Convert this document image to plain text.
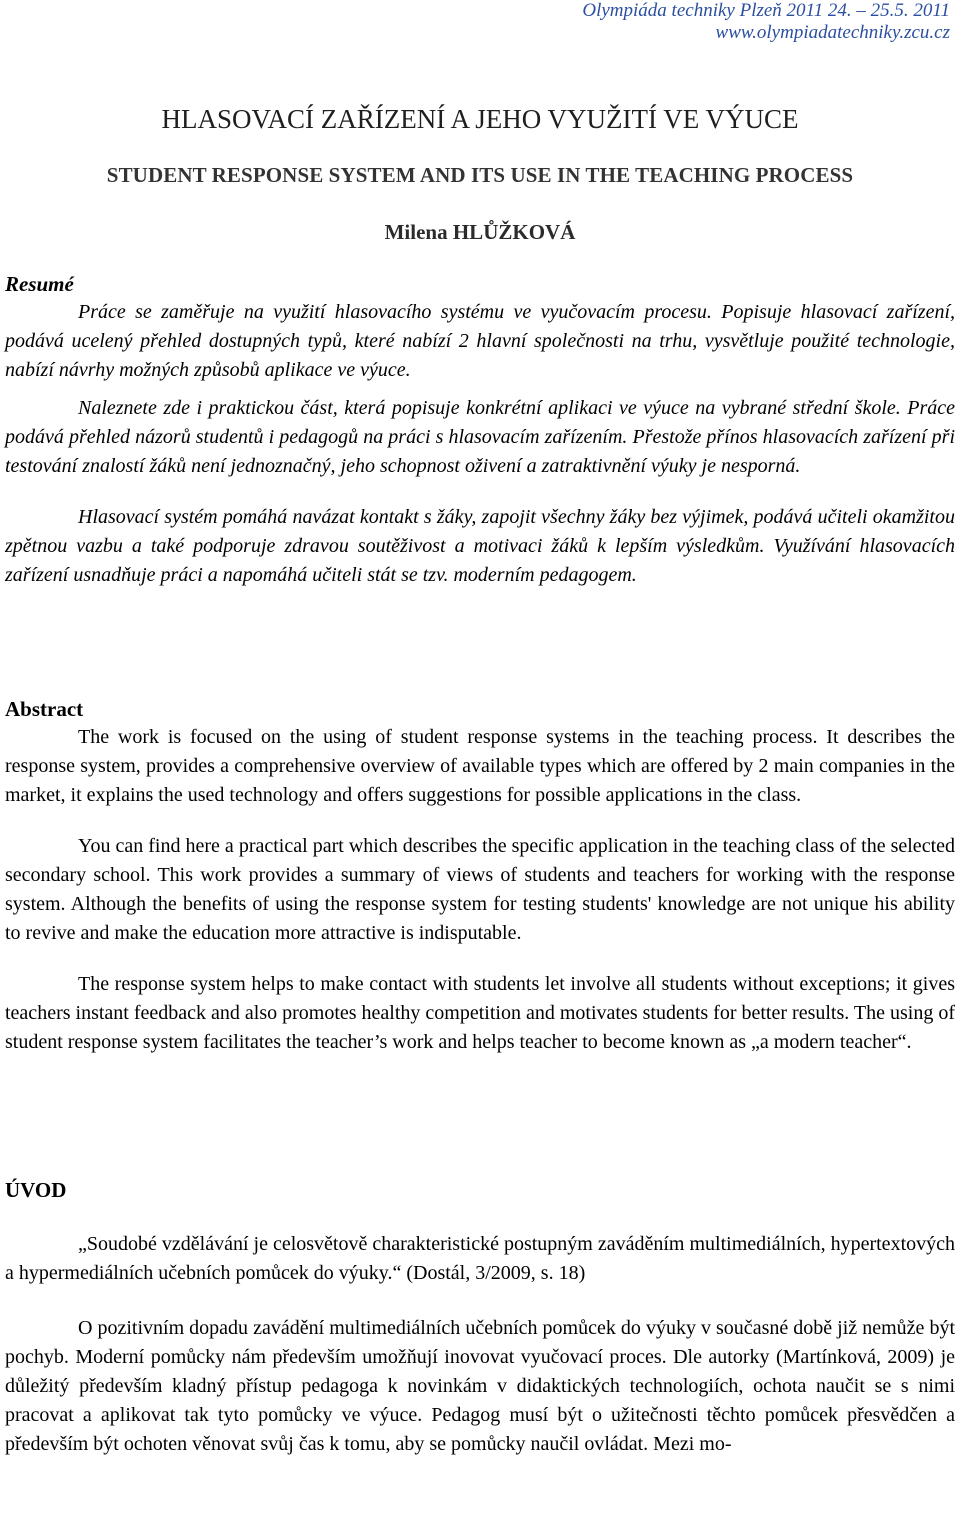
Olympiáda techniky Plzeň 2011 24. – 25.5. 2011
www.olympiadatechniky.zcu.cz
HLASOVACÍ ZAŘÍZENÍ A JEHO VYUŽITÍ VE VÝUCE
STUDENT RESPONSE SYSTEM AND ITS USE IN THE TEACHING PROCESS
Milena HLŮŽKOVÁ
Resumé

Práce se zaměřuje na využití hlasovacího systému ve vyučovacím procesu. Popisuje hlasovací zařízení, podává ucelený přehled dostupných typů, které nabízí 2 hlavní společnosti na trhu, vysvětluje použité technologie, nabízí návrhy možných způsobů aplikace ve výuce.

Naleznete zde i praktickou část, která popisuje konkrétní aplikaci ve výuce na vybrané střední škole. Práce podává přehled názorů studentů i pedagogů na práci s hlasovacím zařízením. Přestože přínos hlasovacích zařízení při testování znalostí žáků není jednoznačný, jeho schopnost oživení a zatraktivnění výuky je nesporná.

Hlasovací systém pomáhá navázat kontakt s žáky, zapojit všechny žáky bez výjimek, podává učiteli okamžitou zpětnou vazbu a také podporuje zdravou soutěživost a motivaci žáků k lepším výsledkům. Využívání hlasovacích zařízení usnadňuje práci a napomáhá učiteli stát se tzv. moderním pedagogem.

Abstract

The work is focused on the using of student response systems in the teaching process. It describes the response system, provides a comprehensive overview of available types which are offered by 2 main companies in the market, it explains the used technology and offers suggestions for possible applications in the class.

You can find here a practical part which describes the specific application in the teaching class of the selected secondary school. This work provides a summary of views of students and teachers for working with the response system. Although the benefits of using the response system for testing students' knowledge are not unique his ability to revive and make the education more attractive is indisputable.

The response system helps to make contact with students let involve all students without exceptions; it gives teachers instant feedback and also promotes healthy competition and motivates students for better results. The using of student response system facilitates the teacher’s work and helps teacher to become known as „a modern teacher“.

ÚVOD

„Soudobé vzdělávání je celosvětově charakteristické postupným zaváděním multimediálních, hypertextových a hypermediálních učebních pomůcek do výuky.“ (Dostál, 3/2009, s. 18)

O pozitivním dopadu zavádění multimediálních učebních pomůcek do výuky v současné době již nemůže být pochyb. Moderní pomůcky nám především umožňují inovovat vyučovací proces. Dle autorky (Martínková, 2009) je důležitý především kladný přístup pedagoga k novinkám v didaktických technologiích, ochota naučit se s nimi pracovat a aplikovat tak tyto pomůcky ve výuce. Pedagog musí být o užitečnosti těchto pomůcek přesvědčen a především být ochoten věnovat svůj čas k tomu, aby se pomůcky naučil ovládat. Mezi mo-
